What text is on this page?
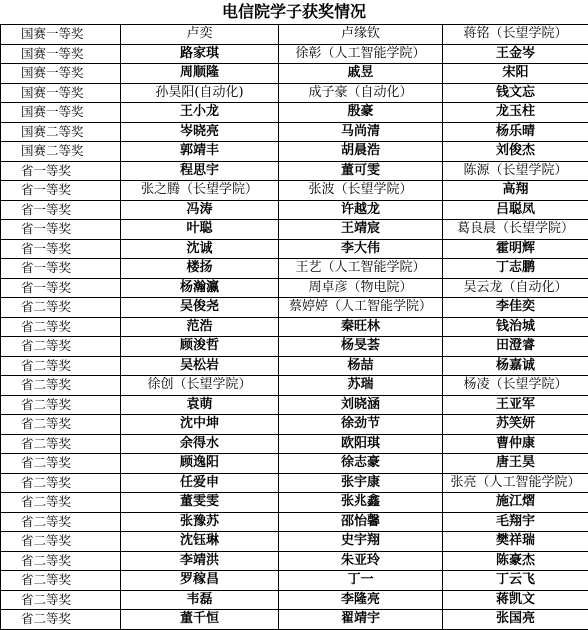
电信院学子获奖情况
国赛一等奖	卢奕	卢缘钦	蒋铭（长望学院）
国赛一等奖	路家琪	徐彰（人工智能学院）	王金岑
国赛一等奖	周顺隆	戚昱	宋阳
国赛一等奖	孙昊阳(自动化)	成子豪（自动化）	钱文忘
国赛一等奖	王小龙	殷豪	龙玉柱
国赛二等奖	岑晓亮	马尚清	杨乐晴
国赛二等奖	郭靖丰	胡晨浩	刘俊杰
省一等奖	程思宇	董可雯	陈源（长望学院）
省一等奖	张之腾（长望学院）	张波（长望学院）	高翔
省一等奖	冯涛	许越龙	吕聪凤
省一等奖	叶聪	王靖宸	葛良晨（长望学院）
省一等奖	沈诚	李大伟	霍明辉
省一等奖	楼扬	王艺（人工智能学院）	丁志鹏
省一等奖	杨瀚瀛	周卓彦（物电院）	吴云龙（自动化）
省二等奖	吴俊尧	蔡婷婷（人工智能学院）	李佳奕
省二等奖	范浩	秦旺林	钱治城
省二等奖	顾浚哲	杨旻荟	田澄睿
省二等奖	吴松岩	杨喆	杨嘉诚
省二等奖	徐创（长望学院）	苏瑞	杨凌（长望学院）
省二等奖	袁萌	刘晓涵	王亚军
省二等奖	沈中坤	徐劲节	苏笑妍
省二等奖	余得水	欧阳琪	曹仲康
省二等奖	顾逸阳	徐志豪	唐王昊
省二等奖	任爱申	张宇康	张亮（人工智能学院）
省二等奖	董雯雯	张兆鑫	施江熠
省二等奖	张豫苏	邵怡馨	毛翔宇
省二等奖	沈钰琳	史宇翔	樊祥瑞
省二等奖	李靖洪	朱亚玲	陈豪杰
省二等奖	罗稼昌	丁一	丁云飞
省二等奖	韦磊	李隆亮	蒋凯文
省二等奖	董千恒	翟靖宇	张国亮
